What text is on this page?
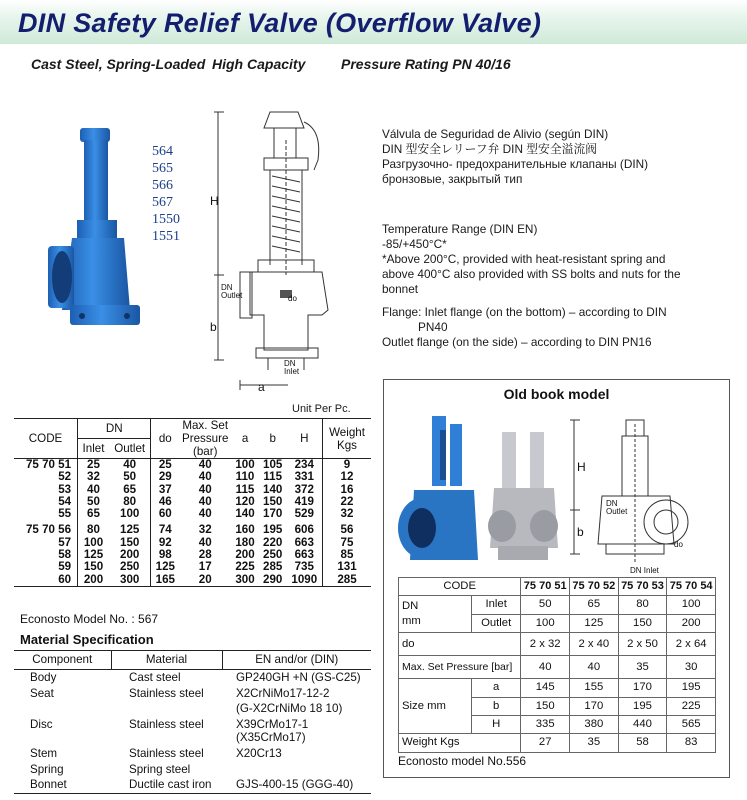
DIN Safety Relief Valve (Overflow Valve)
Cast Steel, Spring-Loaded High Capacity	Pressure Rating PN 40/16
564
565
566
567
1550
1551
H
b
a
DN
Outlet	do
DN
Inlet
Válvula de Seguridad de Alivio (según DIN)
DIN 型安全レリーフ弁 DIN 型安全溢流阀
Разгрузочно- предохранительные клапаны (DIN)
бронзовые, закрытый тип
Temperature Range (DIN EN)
-85/+450°C*
*Above 200°C, provided with heat-resistant spring and
above 400°C also provided with SS bolts and nuts for the
bonnet
Flange: Inlet flange (on the bottom) – according to DIN
PN40
Outlet flange (on the side) – according to DIN PN16
Unit Per Pc.
CODE	DN		do	Max. Set Pressure (bar)	a	b	H	Weight Kgs
	Inlet	Outlet						
75 70 51	25	40	25	40	100	105	234	9
52	32	50	29	40	110	115	331	12
53	40	65	37	40	115	140	372	16
54	50	80	46	40	120	150	419	22
55	65	100	60	40	140	170	529	32
75 70 56	80	125	74	32	160	195	606	56
57	100	150	92	40	180	220	663	75
58	125	200	98	28	200	250	663	85
59	150	250	125	17	225	285	735	131
60	200	300	165	20	300	290	1090	285
Econosto Model No. : 567
Material Specification
Component	Material	EN and/or (DIN)
Body	Cast steel	GP240GH +N (GS-C25)
Seat	Stainless steel	X2CrNiMo17-12-2
		(G-X2CrNiMo 18 10)
Disc	Stainless steel	X39CrMo17-1 (X35CrMo17)
Stem	Stainless steel	X20Cr13
Spring	Spring steel	
Bonnet	Ductile cast iron	GJS-400-15 (GGG-40)
Old book model
H
b
DN
Outlet
do
DN Inlet
CODE		75 70 51	75 70 52	75 70 53	75 70 54
DN
mm	Inlet	50	65	80	100
	Outlet	100	125	150	200
do		2 x 32	2 x 40	2 x 50	2 x 64
Max. Set Pressure [bar]		40	40	35	30
Size mm	a	145	155	170	195
	b	150	170	195	225
	H	335	380	440	565
Weight Kgs		27	35	58	83
Econosto model No.556
